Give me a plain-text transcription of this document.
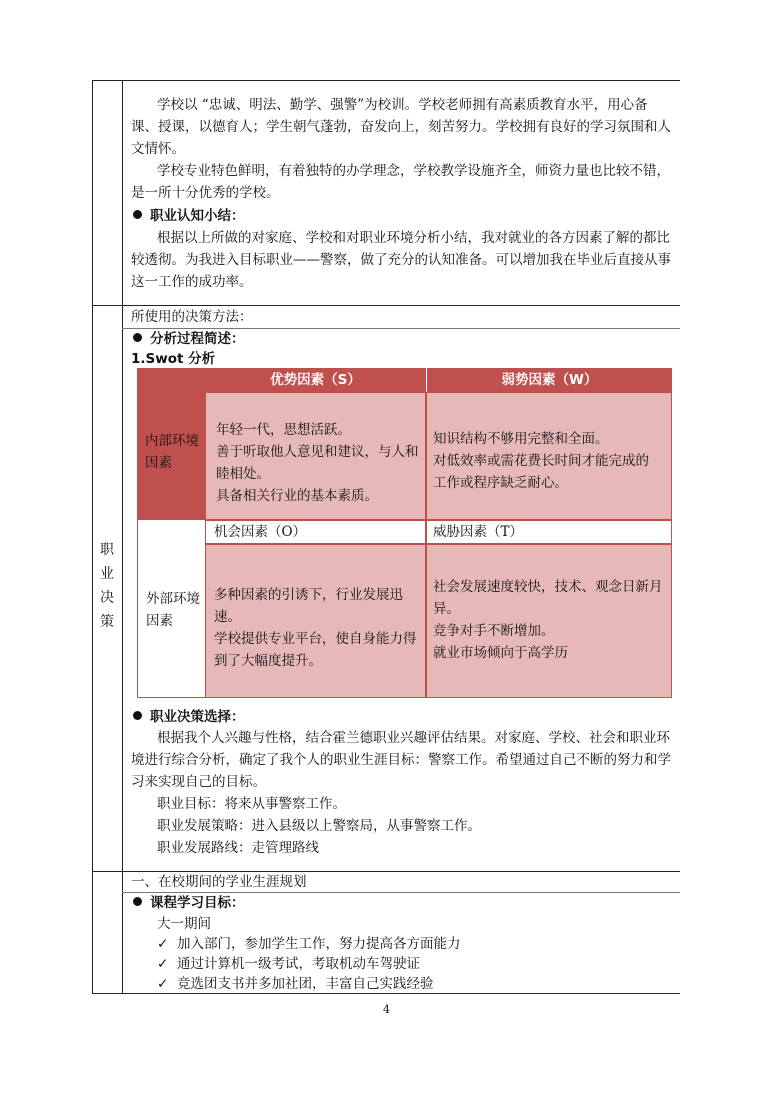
学校以 “忠诚、明法、勤学、强警”为校训。学校老师拥有高素质教育水平，用心备
课、授课，以德育人；学生朝气蓬勃，奋发向上，刻苦努力。学校拥有良好的学习氛围和人
文情怀。
学校专业特色鲜明，有着独特的办学理念，学校教学设施齐全，师资力量也比较不错，
是一所十分优秀的学校。
职业认知小结：
根据以上所做的对家庭、学校和对职业环境分析小结，我对就业的各方因素了解的都比
较透彻。为我进入目标职业——警察，做了充分的认知准备。可以增加我在毕业后直接从事
这一工作的成功率。
职
业
决
策
所使用的决策方法：
分析过程简述：
1.Swot 分析
内部环境
因素
优势因素（S）	弱势因素（W）
年轻一代，思想活跃。
善于听取他人意见和建议，与人和
睦相处。
具备相关行业的基本素质。
知识结构不够用完整和全面。
对低效率或需花费长时间才能完成的
工作或程序缺乏耐心。
外部环境
因素
机会因素（O）	威胁因素（T）
多种因素的引诱下，行业发展迅速。
学校提供专业平台，使自身能力得
到了大幅度提升。
社会发展速度较快，技术、观念日新月
异。
竞争对手不断增加。
就业市场倾向于高学历
职业决策选择：
根据我个人兴趣与性格，结合霍兰德职业兴趣评估结果。对家庭、学校、社会和职业环
境进行综合分析，确定了我个人的职业生涯目标：警察工作。希望通过自己不断的努力和学
习来实现自己的目标。
职业目标：将来从事警察工作。
职业发展策略：进入县级以上警察局，从事警察工作。
职业发展路线：走管理路线
一、在校期间的学业生涯规划
课程学习目标：
大一期间
✓ 加入部门，参加学生工作，努力提高各方面能力
✓ 通过计算机一级考试，考取机动车驾驶证
✓ 竞选团支书并多加社团，丰富自己实践经验
4
